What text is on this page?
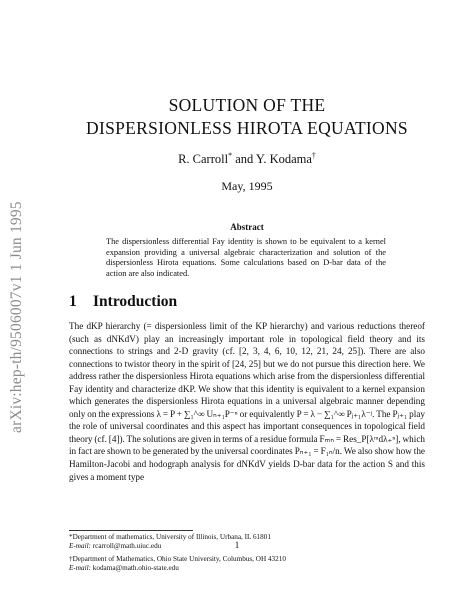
arXiv:hep-th/9506007v1 1 Jun 1995
SOLUTION OF THE
DISPERSIONLESS HIROTA EQUATIONS
R. Carroll* and Y. Kodama†
May, 1995
Abstract
The dispersionless differential Fay identity is shown to be equivalent to a kernel expansion providing a universal algebraic characterization and solution of the dispersionless Hirota equations. Some calculations based on D-bar data of the action are also indicated.
1 Introduction

The dKP hierarchy (= dispersionless limit of the KP hierarchy) and various reductions thereof (such as dNKdV) play an increasingly important role in topological field theory and its connections to strings and 2-D gravity (cf. [2, 3, 4, 6, 10, 12, 21, 24, 25]). There are also connections to twistor theory in the spirit of [24, 25] but we do not pursue this direction here. We address rather the dispersionless Hirota equations which arise from the dispersionless differential Fay identity and characterize dKP. We show that this identity is equivalent to a kernel expansion which generates the dispersionless Hirota equations in a universal algebraic manner depending only on the expressions λ = P + ∑₁^∞ Uₙ₊₁P⁻ⁿ or equivalently P = λ − ∑₁^∞ Pⱼ₊₁λ⁻ʲ. The Pⱼ₊₁ play the role of universal coordinates and this aspect has important consequences in topological field theory (cf. [4]). The solutions are given in terms of a residue formula Fₘₙ = Res_P[λᵐdλ₊ⁿ], which in fact are shown to be generated by the universal coordinates Pₙ₊₁ = F₁ₙ/n. We also show how the Hamilton-Jacobi and hodograph analysis for dNKdV yields D-bar data for the action S and this gives a moment type

*Department of mathematics, University of Illinois, Urbana, IL 61801
E-mail: rcarroll@math.uiuc.edu
†Department of Mathematics, Ohio State University, Columbus, OH 43210
E-mail: kodama@math.ohio-state.edu
1
